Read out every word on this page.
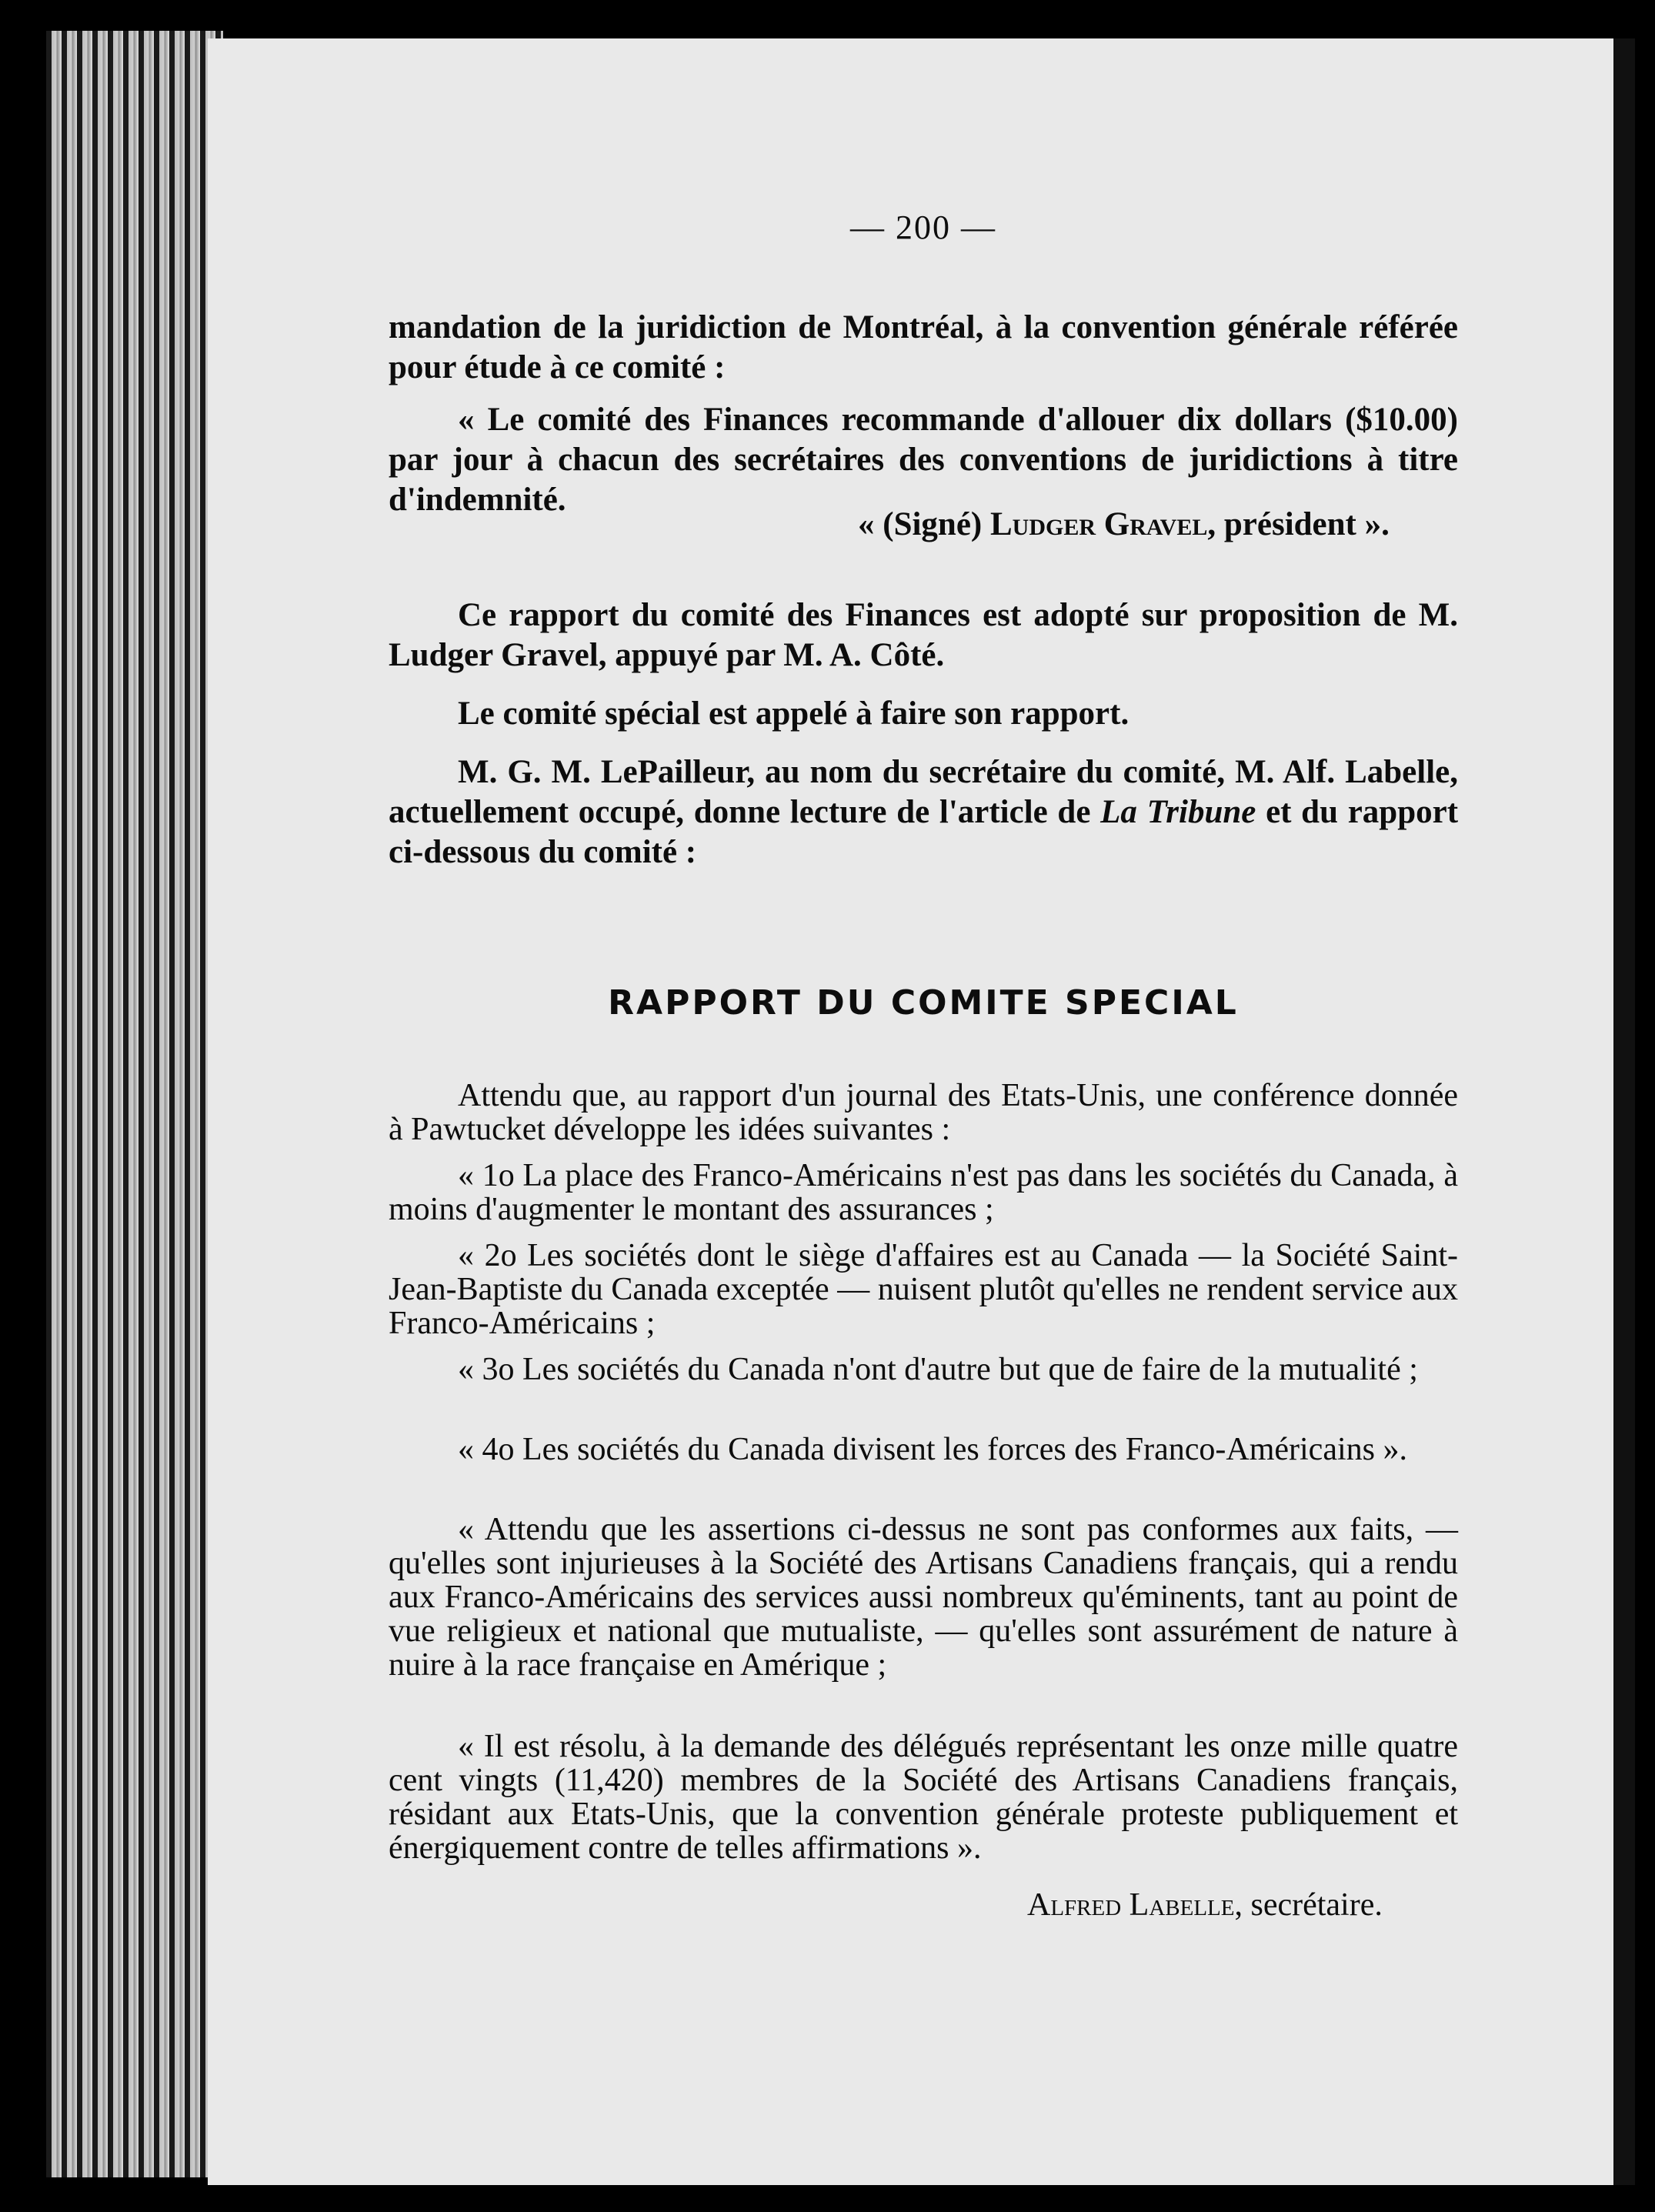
— 200 —

mandation de la juridiction de Montréal, à la convention générale référée pour étude à ce comité :

« Le comité des Finances recommande d'allouer dix dollars ($10.00) par jour à chacun des secrétaires des conventions de juridictions à titre d'indemnité.

« (Signé) Ludger Gravel, président ».

Ce rapport du comité des Finances est adopté sur proposition de M. Ludger Gravel, appuyé par M. A. Côté.

Le comité spécial est appelé à faire son rapport.

M. G. M. LePailleur, au nom du secrétaire du comité, M. Alf. Labelle, actuellement occupé, donne lecture de l'article de La Tribune et du rapport ci-dessous du comité :

RAPPORT DU COMITE SPECIAL

Attendu que, au rapport d'un journal des Etats-Unis, une conférence donnée à Pawtucket développe les idées suivantes :

« 1o La place des Franco-Américains n'est pas dans les sociétés du Canada, à moins d'augmenter le montant des assurances ;

« 2o Les sociétés dont le siège d'affaires est au Canada — la Société Saint-Jean-Baptiste du Canada exceptée — nuisent plutôt qu'elles ne rendent service aux Franco-Américains ;

« 3o Les sociétés du Canada n'ont d'autre but que de faire de la mutualité ;

« 4o Les sociétés du Canada divisent les forces des Franco-Américains ».

« Attendu que les assertions ci-dessus ne sont pas conformes aux faits, — qu'elles sont injurieuses à la Société des Artisans Canadiens français, qui a rendu aux Franco-Américains des services aussi nombreux qu'éminents, tant au point de vue religieux et national que mutualiste, — qu'elles sont assurément de nature à nuire à la race française en Amérique ;

« Il est résolu, à la demande des délégués représentant les onze mille quatre cent vingts (11,420) membres de la Société des Artisans Canadiens français, résidant aux Etats-Unis, que la convention générale proteste publiquement et énergiquement contre de telles affirmations ».

Alfred Labelle, secrétaire.
